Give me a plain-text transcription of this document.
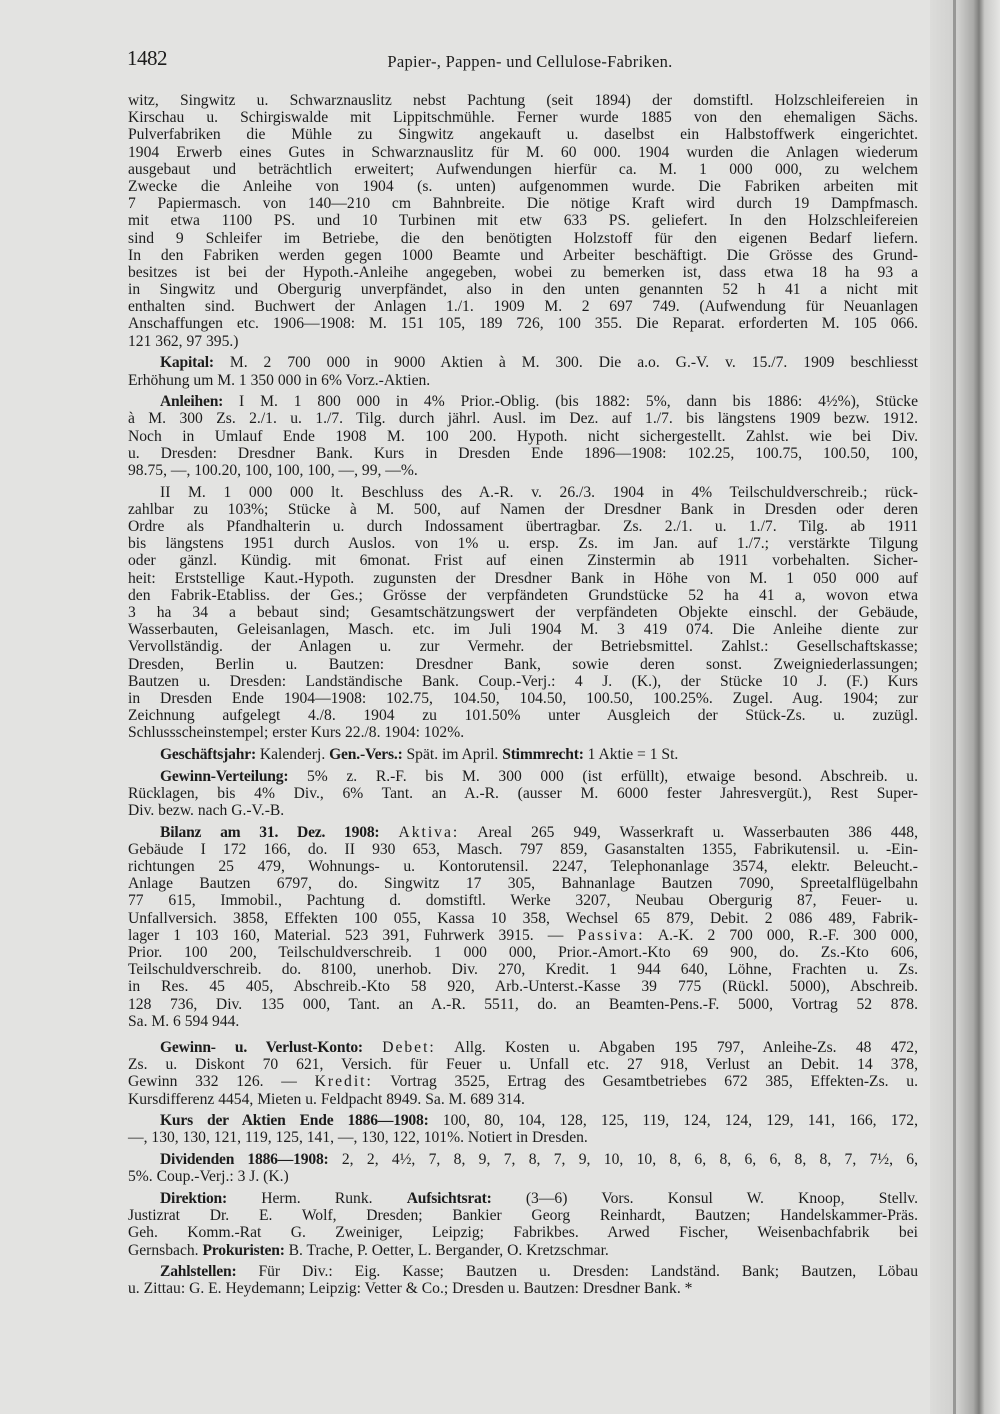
1482	Papier-, Pappen- und Cellulose-Fabriken.
witz, Singwitz u. Schwarznauslitz nebst Pachtung (seit 1894) der domstiftl. Holzschleifereien in
Kirschau u. Schirgiswalde mit Lippitschmühle. Ferner wurde 1885 von den ehemaligen Sächs.
Pulverfabriken die Mühle zu Singwitz angekauft u. daselbst ein Halbstoffwerk eingerichtet.
1904 Erwerb eines Gutes in Schwarznauslitz für M. 60 000. 1904 wurden die Anlagen wiederum
ausgebaut und beträchtlich erweitert; Aufwendungen hierfür ca. M. 1 000 000, zu welchem
Zwecke die Anleihe von 1904 (s. unten) aufgenommen wurde. Die Fabriken arbeiten mit
7 Papiermasch. von 140—210 cm Bahnbreite. Die nötige Kraft wird durch 19 Dampfmasch.
mit etwa 1100 PS. und 10 Turbinen mit etw 633 PS. geliefert. In den Holzschleifereien
sind 9 Schleifer im Betriebe, die den benötigten Holzstoff für den eigenen Bedarf liefern.
In den Fabriken werden gegen 1000 Beamte und Arbeiter beschäftigt. Die Grösse des Grund-
besitzes ist bei der Hypoth.-Anleihe angegeben, wobei zu bemerken ist, dass etwa 18 ha 93 a
in Singwitz und Obergurig unverpfändet, also in den unten genannten 52 h 41 a nicht mit
enthalten sind. Buchwert der Anlagen 1./1. 1909 M. 2 697 749. (Aufwendung für Neuanlagen
Anschaffungen etc. 1906—1908: M. 151 105, 189 726, 100 355. Die Reparat. erforderten M. 105 066.
121 362, 97 395.)
Kapital: M. 2 700 000 in 9000 Aktien à M. 300. Die a.o. G.-V. v. 15./7. 1909 beschliesst
Erhöhung um M. 1 350 000 in 6% Vorz.-Aktien.
Anleihen: I M. 1 800 000 in 4% Prior.-Oblig. (bis 1882: 5%, dann bis 1886: 4½%), Stücke
à M. 300 Zs. 2./1. u. 1./7. Tilg. durch jährl. Ausl. im Dez. auf 1./7. bis längstens 1909 bezw. 1912.
Noch in Umlauf Ende 1908 M. 100 200. Hypoth. nicht sichergestellt. Zahlst. wie bei Div.
u. Dresden: Dresdner Bank. Kurs in Dresden Ende 1896—1908: 102.25, 100.75, 100.50, 100,
98.75, —, 100.20, 100, 100, 100, —, 99, —%.
II M. 1 000 000 lt. Beschluss des A.-R. v. 26./3. 1904 in 4% Teilschuldverschreib.; rück-
zahlbar zu 103%; Stücke à M. 500, auf Namen der Dresdner Bank in Dresden oder deren
Ordre als Pfandhalterin u. durch Indossament übertragbar. Zs. 2./1. u. 1./7. Tilg. ab 1911
bis längstens 1951 durch Auslos. von 1% u. ersp. Zs. im Jan. auf 1./7.; verstärkte Tilgung
oder gänzl. Kündig. mit 6monat. Frist auf einen Zinstermin ab 1911 vorbehalten. Sicher-
heit: Erststellige Kaut.-Hypoth. zugunsten der Dresdner Bank in Höhe von M. 1 050 000 auf
den Fabrik-Etabliss. der Ges.; Grösse der verpfändeten Grundstücke 52 ha 41 a, wovon etwa
3 ha 34 a bebaut sind; Gesamtschätzungswert der verpfändeten Objekte einschl. der Gebäude,
Wasserbauten, Geleisanlagen, Masch. etc. im Juli 1904 M. 3 419 074. Die Anleihe diente zur
Vervollständig. der Anlagen u. zur Vermehr. der Betriebsmittel. Zahlst.: Gesellschaftskasse;
Dresden, Berlin u. Bautzen: Dresdner Bank, sowie deren sonst. Zweigniederlassungen;
Bautzen u. Dresden: Landständische Bank. Coup.-Verj.: 4 J. (K.), der Stücke 10 J. (F.) Kurs
in Dresden Ende 1904—1908: 102.75, 104.50, 104.50, 100.50, 100.25%. Zugel. Aug. 1904; zur
Zeichnung aufgelegt 4./8. 1904 zu 101.50% unter Ausgleich der Stück-Zs. u. zuzügl.
Schlussscheinstempel; erster Kurs 22./8. 1904: 102%.
Geschäftsjahr: Kalenderj. Gen.-Vers.: Spät. im April. Stimmrecht: 1 Aktie = 1 St.
Gewinn-Verteilung: 5% z. R.-F. bis M. 300 000 (ist erfüllt), etwaige besond. Abschreib. u.
Rücklagen, bis 4% Div., 6% Tant. an A.-R. (ausser M. 6000 fester Jahresvergüt.), Rest Super-
Div. bezw. nach G.-V.-B.
Bilanz am 31. Dez. 1908: Aktiva: Areal 265 949, Wasserkraft u. Wasserbauten 386 448,
Gebäude I 172 166, do. II 930 653, Masch. 797 859, Gasanstalten 1355, Fabrikutensil. u. -Ein-
richtungen 25 479, Wohnungs- u. Kontorutensil. 2247, Telephonanlage 3574, elektr. Beleucht.-
Anlage Bautzen 6797, do. Singwitz 17 305, Bahnanlage Bautzen 7090, Spreetalflügelbahn
77 615, Immobil., Pachtung d. domstiftl. Werke 3207, Neubau Obergurig 87, Feuer- u.
Unfallversich. 3858, Effekten 100 055, Kassa 10 358, Wechsel 65 879, Debit. 2 086 489, Fabrik-
lager 1 103 160, Material. 523 391, Fuhrwerk 3915. — Passiva: A.-K. 2 700 000, R.-F. 300 000,
Prior. 100 200, Teilschuldverschreib. 1 000 000, Prior.-Amort.-Kto 69 900, do. Zs.-Kto 606,
Teilschuldverschreib. do. 8100, unerhob. Div. 270, Kredit. 1 944 640, Löhne, Frachten u. Zs.
in Res. 45 405, Abschreib.-Kto 58 920, Arb.-Unterst.-Kasse 39 775 (Rückl. 5000), Abschreib.
128 736, Div. 135 000, Tant. an A.-R. 5511, do. an Beamten-Pens.-F. 5000, Vortrag 52 878.
Sa. M. 6 594 944.
Gewinn- u. Verlust-Konto: Debet: Allg. Kosten u. Abgaben 195 797, Anleihe-Zs. 48 472,
Zs. u. Diskont 70 621, Versich. für Feuer u. Unfall etc. 27 918, Verlust an Debit. 14 378,
Gewinn 332 126. — Kredit: Vortrag 3525, Ertrag des Gesamtbetriebes 672 385, Effekten-Zs. u.
Kursdifferenz 4454, Mieten u. Feldpacht 8949. Sa. M. 689 314.
Kurs der Aktien Ende 1886—1908: 100, 80, 104, 128, 125, 119, 124, 124, 129, 141, 166, 172,
—, 130, 130, 121, 119, 125, 141, —, 130, 122, 101%. Notiert in Dresden.
Dividenden 1886—1908: 2, 2, 4½, 7, 8, 9, 7, 8, 7, 9, 10, 10, 8, 6, 8, 6, 6, 8, 8, 7, 7½, 6,
5%. Coup.-Verj.: 3 J. (K.)
Direktion: Herm. Runk. Aufsichtsrat: (3—6) Vors. Konsul W. Knoop, Stellv.
Justizrat Dr. E. Wolf, Dresden; Bankier Georg Reinhardt, Bautzen; Handelskammer-Präs.
Geh. Komm.-Rat G. Zweiniger, Leipzig; Fabrikbes. Arwed Fischer, Weisenbachfabrik bei
Gernsbach. Prokuristen: B. Trache, P. Oetter, L. Bergander, O. Kretzschmar.
Zahlstellen: Für Div.: Eig. Kasse; Bautzen u. Dresden: Landständ. Bank; Bautzen, Löbau
u. Zittau: G. E. Heydemann; Leipzig: Vetter & Co.; Dresden u. Bautzen: Dresdner Bank. *
